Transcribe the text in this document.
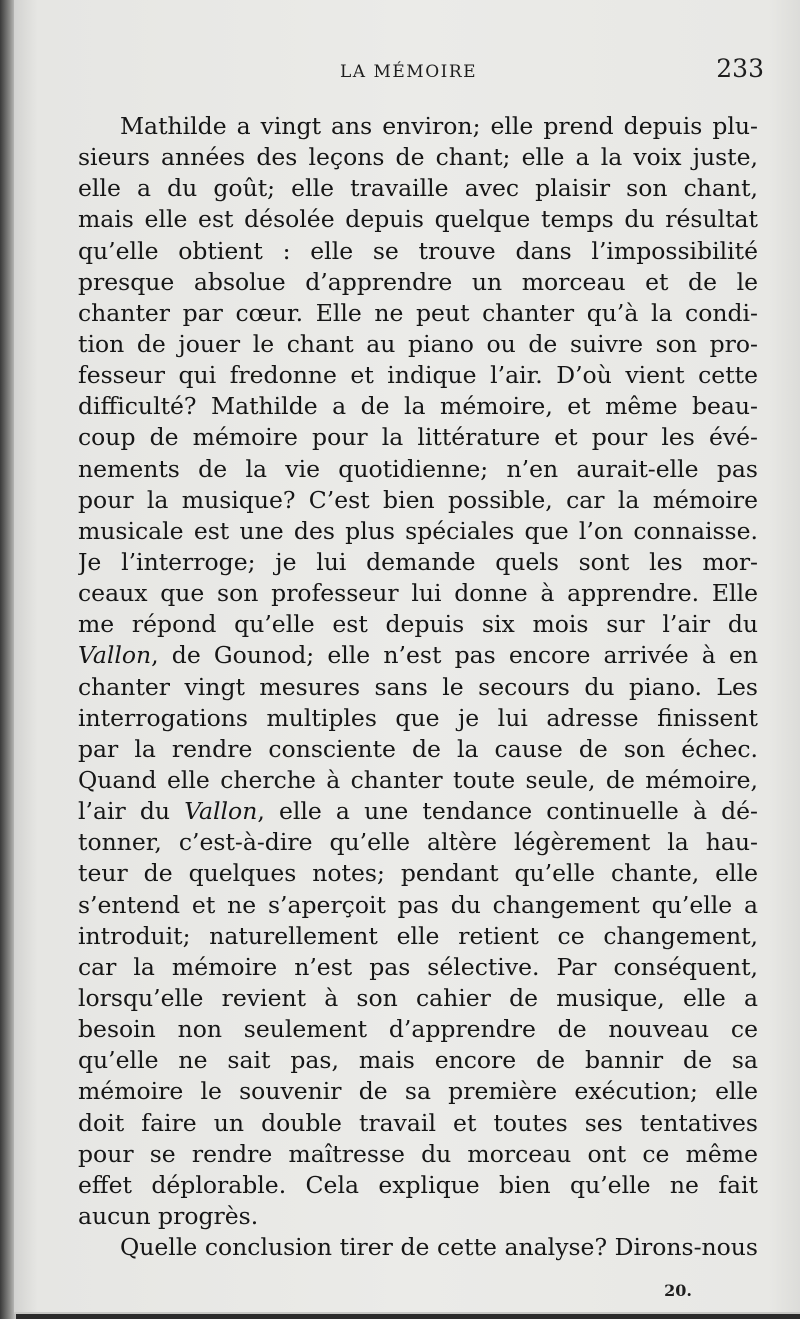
LA MÉMOIRE	233
Mathilde a vingt ans environ; elle prend depuis plu-
sieurs années des leçons de chant; elle a la voix juste,
elle a du goût; elle travaille avec plaisir son chant,
mais elle est désolée depuis quelque temps du résultat
qu’elle obtient : elle se trouve dans l’impossibilité
presque absolue d’apprendre un morceau et de le
chanter par cœur. Elle ne peut chanter qu’à la condi-
tion de jouer le chant au piano ou de suivre son pro-
fesseur qui fredonne et indique l’air. D’où vient cette
difficulté? Mathilde a de la mémoire, et même beau-
coup de mémoire pour la littérature et pour les évé-
nements de la vie quotidienne; n’en aurait-elle pas
pour la musique? C’est bien possible, car la mémoire
musicale est une des plus spéciales que l’on connaisse.
Je l’interroge; je lui demande quels sont les mor-
ceaux que son professeur lui donne à apprendre. Elle
me répond qu’elle est depuis six mois sur l’air du
Vallon, de Gounod; elle n’est pas encore arrivée à en
chanter vingt mesures sans le secours du piano. Les
interrogations multiples que je lui adresse finissent
par la rendre consciente de la cause de son échec.
Quand elle cherche à chanter toute seule, de mémoire,
l’air du Vallon, elle a une tendance continuelle à dé-
tonner, c’est-à-dire qu’elle altère légèrement la hau-
teur de quelques notes; pendant qu’elle chante, elle
s’entend et ne s’aperçoit pas du changement qu’elle a
introduit; naturellement elle retient ce changement,
car la mémoire n’est pas sélective. Par conséquent,
lorsqu’elle revient à son cahier de musique, elle a
besoin non seulement d’apprendre de nouveau ce
qu’elle ne sait pas, mais encore de bannir de sa
mémoire le souvenir de sa première exécution; elle
doit faire un double travail et toutes ses tentatives
pour se rendre maîtresse du morceau ont ce même
effet déplorable. Cela explique bien qu’elle ne fait
aucun progrès.
Quelle conclusion tirer de cette analyse? Dirons-nous
20.
